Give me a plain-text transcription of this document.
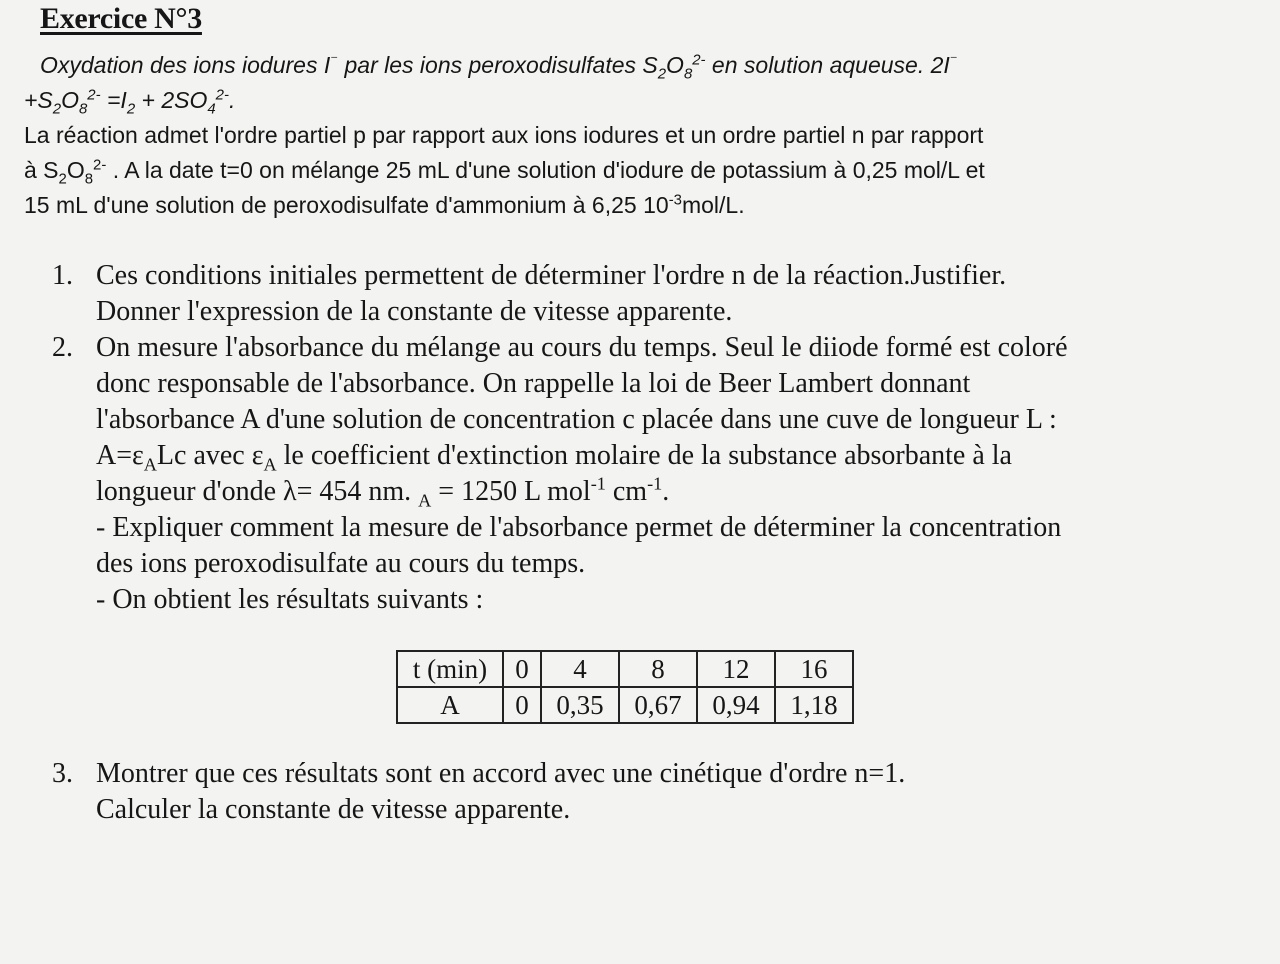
Exercice N°3
Oxydation des ions iodures I⁻ par les ions peroxodisulfates $S_2O_8^{2-}$ en solution aqueuse. 2I⁻
$+S_2O_8^{2-} =I_2 + 2SO_4^{2-}$.
La réaction admet l'ordre partiel p par rapport aux ions iodures et un ordre partiel n par rapport
à $S_2O_8^{2-}$ . A la date t=0 on mélange 25 mL d'une solution d'iodure de potassium à 0,25 mol/L et
15 mL d'une solution de peroxodisulfate d'ammonium à 6,25 $10^{-3}mol/L$.
1. Ces conditions initiales permettent de déterminer l'ordre n de la réaction.Justifier.
Donner l'expression de la constante de vitesse apparente.
2. On mesure l'absorbance du mélange au cours du temps. Seul le diiode formé est coloré
donc responsable de l'absorbance. On rappelle la loi de Beer Lambert donnant
l'absorbance A d'une solution de concentration c placée dans une cuve de longueur L :
$A=\varepsilon_ALc$ avec $\varepsilon_A$ le coefficient d'extinction molaire de la substance absorbante à la
longueur d'onde λ= 454 nm. $_A$ = 1250 L mol$^{-1}$ $cm^{-1}$.
- Expliquer comment la mesure de l'absorbance permet de déterminer la concentration
des ions peroxodisulfate au cours du temps.
- On obtient les résultats suivants :
t (min)	0	4	8	12	16
A	0	0,35	0,67	0,94	1,18
3. Montrer que ces résultats sont en accord avec une cinétique d'ordre n=1.
Calculer la constante de vitesse apparente.
